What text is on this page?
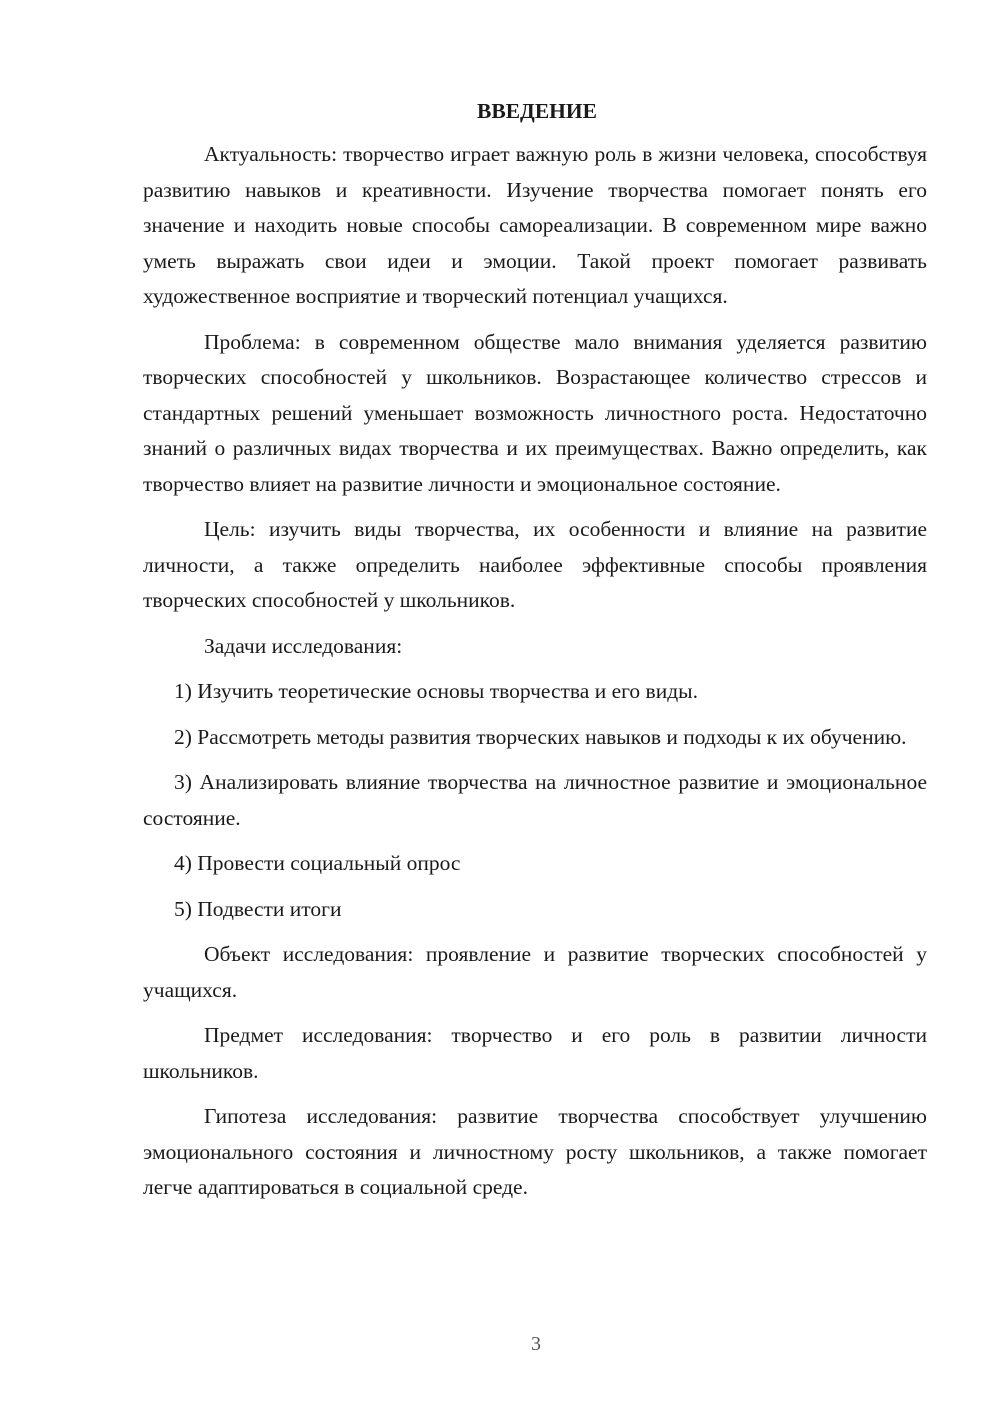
ВВЕДЕНИЕ

Актуальность: творчество играет важную роль в жизни человека, способствуя развитию навыков и креативности. Изучение творчества помогает понять его значение и находить новые способы самореализации. В современном мире важно уметь выражать свои идеи и эмоции. Такой проект помогает развивать художественное восприятие и творческий потенциал учащихся.

Проблема: в современном обществе мало внимания уделяется развитию творческих способностей у школьников. Возрастающее количество стрессов и стандартных решений уменьшает возможность личностного роста. Недостаточно знаний о различных видах творчества и их преимуществах. Важно определить, как творчество влияет на развитие личности и эмоциональное состояние.

Цель: изучить виды творчества, их особенности и влияние на развитие личности, а также определить наиболее эффективные способы проявления творческих способностей у школьников.

Задачи исследования:

1) Изучить теоретические основы творчества и его виды.

2) Рассмотреть методы развития творческих навыков и подходы к их обучению.

3) Анализировать влияние творчества на личностное развитие и эмоциональное состояние.

4) Провести социальный опрос

5) Подвести итоги

Объект исследования: проявление и развитие творческих способностей у учащихся.

Предмет исследования: творчество и его роль в развитии личности школьников.

Гипотеза исследования: развитие творчества способствует улучшению эмоционального состояния и личностному росту школьников, а также помогает легче адаптироваться в социальной среде.

3
